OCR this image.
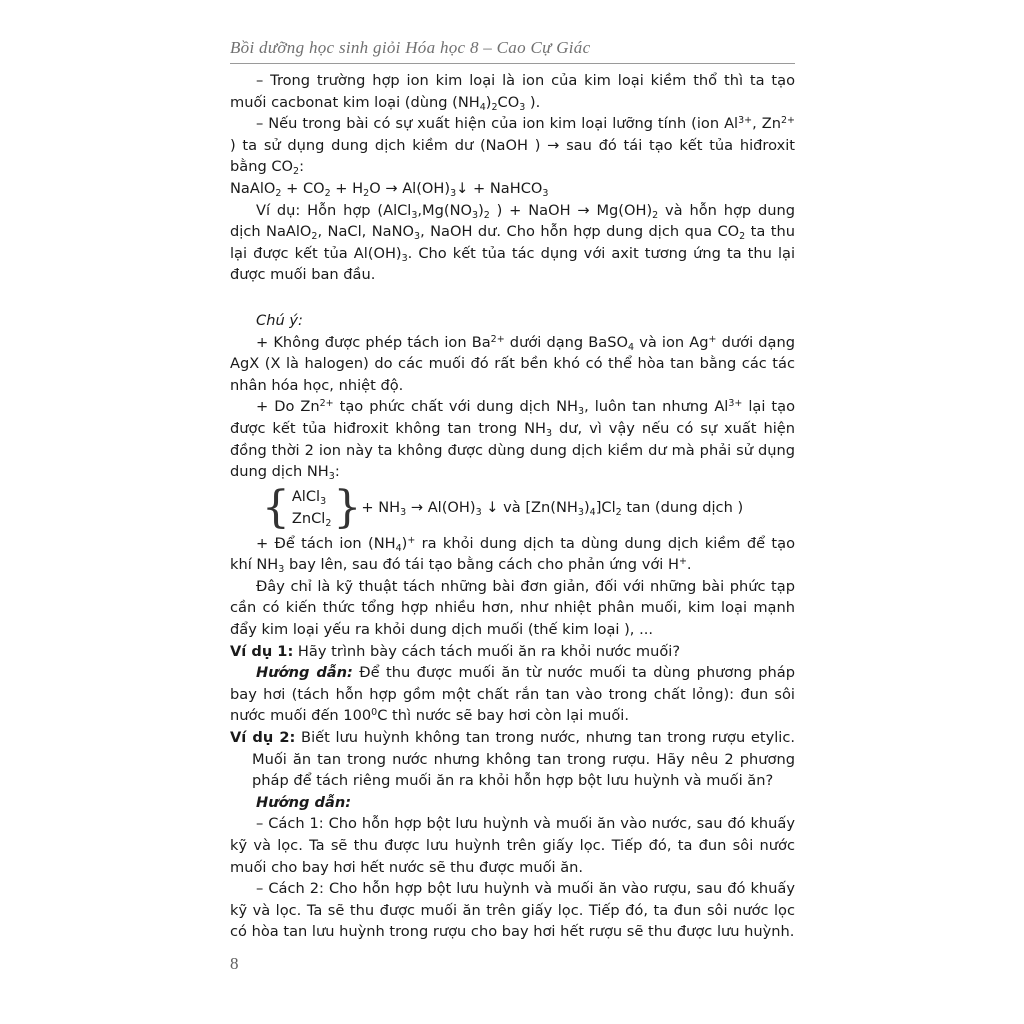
Bồi dưỡng học sinh giỏi Hóa học 8 – Cao Cự Giác

– Trong trường hợp ion kim loại là ion của kim loại kiềm thổ thì ta tạo muối cacbonat kim loại (dùng $(NH_4)_2CO_3$ ).

– Nếu trong bài có sự xuất hiện của ion kim loại lưỡng tính (ion $Al^{3+}$, $Zn^{2+}$ ) ta sử dụng dung dịch kiềm dư (NaOH ) → sau đó tái tạo kết tủa hiđroxit bằng $CO_2$:

NaAlO$_2$ + $CO_2 + H_2O$ → $Al(OH)_3↓$ + NaHCO$_3$

Ví dụ: Hỗn hợp ($AlCl_3,Mg(NO_3)_2$ ) + NaOH → $Mg(OH)_2$ và hỗn hợp dung dịch NaAlO$_2$, NaCl, NaNO$_3$, NaOH dư. Cho hỗn hợp dung dịch qua $CO_2$ ta thu lại được kết tủa $Al(OH)_3$. Cho kết tủa tác dụng với axit tương ứng ta thu lại được muối ban đầu.

Chú ý:

+ Không được phép tách ion $Ba^{2+}$ dưới dạng BaSO$_4$ và ion Ag+ dưới dạng AgX (X là halogen) do các muối đó rất bền khó có thể hòa tan bằng các tác nhân hóa học, nhiệt độ.

+ Do $Zn^{2+}$ tạo phức chất với dung dịch $NH_3$, luôn tan nhưng $Al^{3+}$ lại tạo được kết tủa hiđroxit không tan trong $NH_3$ dư, vì vậy nếu có sự xuất hiện đồng thời 2 ion này ta không được dùng dung dịch kiềm dư mà phải sử dụng dung dịch $NH_3$:

{ AlCl$_3$
ZnCl$_2$ } + $NH_3 \to Al(OH)_3$ ↓ và $[Zn(NH_3)_4]Cl_2$ tan (dung dịch )

+ Để tách ion $(NH_4)^+$ ra khỏi dung dịch ta dùng dung dịch kiềm để tạo khí $NH_3$ bay lên, sau đó tái tạo bằng cách cho phản ứng với H+.

Đây chỉ là kỹ thuật tách những bài đơn giản, đối với những bài phức tạp cần có kiến thức tổng hợp nhiều hơn, như nhiệt phân muối, kim loại mạnh đẩy kim loại yếu ra khỏi dung dịch muối (thế kim loại ), ...

Ví dụ 1: Hãy trình bày cách tách muối ăn ra khỏi nước muối?

Hướng dẫn: Để thu được muối ăn từ nước muối ta dùng phương pháp bay hơi (tách hỗn hợp gồm một chất rắn tan vào trong chất lỏng): đun sôi nước muối đến $100^0C$ thì nước sẽ bay hơi còn lại muối.

Ví dụ 2: Biết lưu huỳnh không tan trong nước, nhưng tan trong rượu etylic. Muối ăn tan trong nước nhưng không tan trong rượu. Hãy nêu 2 phương pháp để tách riêng muối ăn ra khỏi hỗn hợp bột lưu huỳnh và muối ăn?

Hướng dẫn:

– Cách 1: Cho hỗn hợp bột lưu huỳnh và muối ăn vào nước, sau đó khuấy kỹ và lọc. Ta sẽ thu được lưu huỳnh trên giấy lọc. Tiếp đó, ta đun sôi nước muối cho bay hơi hết nước sẽ thu được muối ăn.

– Cách 2: Cho hỗn hợp bột lưu huỳnh và muối ăn vào rượu, sau đó khuấy kỹ và lọc. Ta sẽ thu được muối ăn trên giấy lọc. Tiếp đó, ta đun sôi nước lọc có hòa tan lưu huỳnh trong rượu cho bay hơi hết rượu sẽ thu được lưu huỳnh.

8
